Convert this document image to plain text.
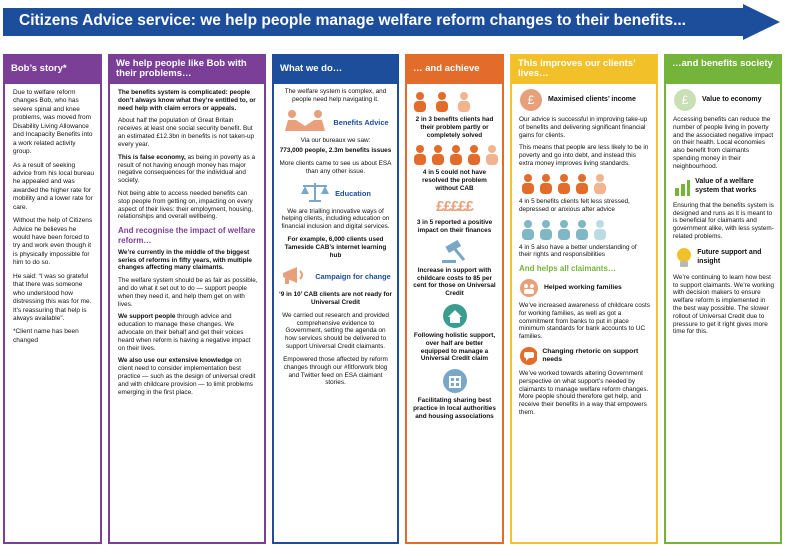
Citizens Advice service: we help people manage welfare reform changes to their benefits...
Bob’s story*

Due to welfare reform changes Bob, who has severe spinal and knee problems, was moved from Disability Living Allowance and Incapacity Benefits into a work related activity group.

As a result of seeking advice from his local bureau he appealed and was awarded the higher rate for mobility and a lower rate for care.

Without the help of Citizens Advice he believes he would have been forced to try and work even though it is physically impossible for him to do so.

He said: “I was so grateful that there was someone who understood how distressing this was for me. It's reassuring that help is always available”.

*Client name has been changed

We help people like Bob with their problems…

The benefits system is complicated: people don’t always know what they’re entitled to, or need help with claim errors or appeals.

About half the population of Great Britain receives at least one social security benefit. But an estimated £12.3bn in benefits is not taken-up every year.

This is false economy, as being in poverty as a result of not having enough money has major negative consequences for the individual and society.

Not being able to access needed benefits can stop people from getting on, impacting on every aspect of their lives: their employment, housing, relationships and overall wellbeing.

And recognise the impact of welfare reform…

We’re currently in the middle of the biggest series of reforms in fifty years, with multiple changes affecting many claimants.

The welfare system should be as fair as possible, and do what it set out to do — support people when they need it, and help them get on with lives.

We support people through advice and education to manage these changes. We advocate on their behalf and get their voices heard when reform is having a negative impact on their lives.

We also use our extensive knowledge on client need to consider implementation best practice — such as the design of universal credit and with childcare provision — to limit problems emerging in the first place.

What we do…

The welfare system is complex, and people need help navigating it.

Benefits Advice

Via our bureaux we saw:

773,000 people, 2.3m benefits issues

More clients came to see us about ESA than any other issue.

Education

We are trialling innovative ways of helping clients, including education on financial inclusion and digital services.

For example, 6,000 clients used Tameside CAB’s internet learning hub

Campaign for change

‘9 in 10’ CAB clients are not ready for Universal Credit

We carried out research and provided comprehensive evidence to Government, setting the agenda on how services should be delivered to support Universal Credit claimants.

Empowered those affected by reform changes through our #fitforwork blog and Twitter feed on ESA claimant stories.

… and achieve

2 in 3 benefits clients had their problem partly or completely solved

4 in 5 could not have resolved the problem without CAB

£££££

3 in 5 reported a positive impact on their finances

Increase in support with childcare costs to 85 per cent for those on Universal Credit

Following holistic support, over half are better equipped to manage a Universal Credit claim

Facilitating sharing best practice in local authorities and housing associations

This improves our clients’ lives…
£ Maximised clients’ income

Our advice is successful in improving take-up of benefits and delivering significant financial gains for clients.

This means that people are less likely to be in poverty and go into debt, and instead this extra money improves living standards.

4 in 5 benefits clients felt less stressed, depressed or anxious after advice

4 in 5 also have a better understanding of their rights and responsibilities

And helps all claimants…
Helped working families

We’ve increased awareness of childcare costs for working families, as well as got a commitment from banks to put in place minimum standards for bank accounts to UC families.

Changing rhetoric on support needs

We’ve worked towards altering Government perspective on what support’s needed by claimants to manage welfare reform changes. More people should therefore get help, and receive their benefits in a way that empowers them.

…and benefits society
£ Value to economy

Accessing benefits can reduce the number of people living in poverty and the associated negative impact on their health. Local economies also benefit from claimants spending money in their neighbourhood.

Value of a welfare system that works

Ensuring that the benefits system is designed and runs as it is meant to is beneficial for claimants and government alike, with less system-related problems.

Future support and insight

We’re continuing to learn how best to support claimants. We’re working with decision makers to ensure welfare reform is implemented in the best way possible. The slower rollout of Universal Credit due to pressure to get it right gives more time for this.
